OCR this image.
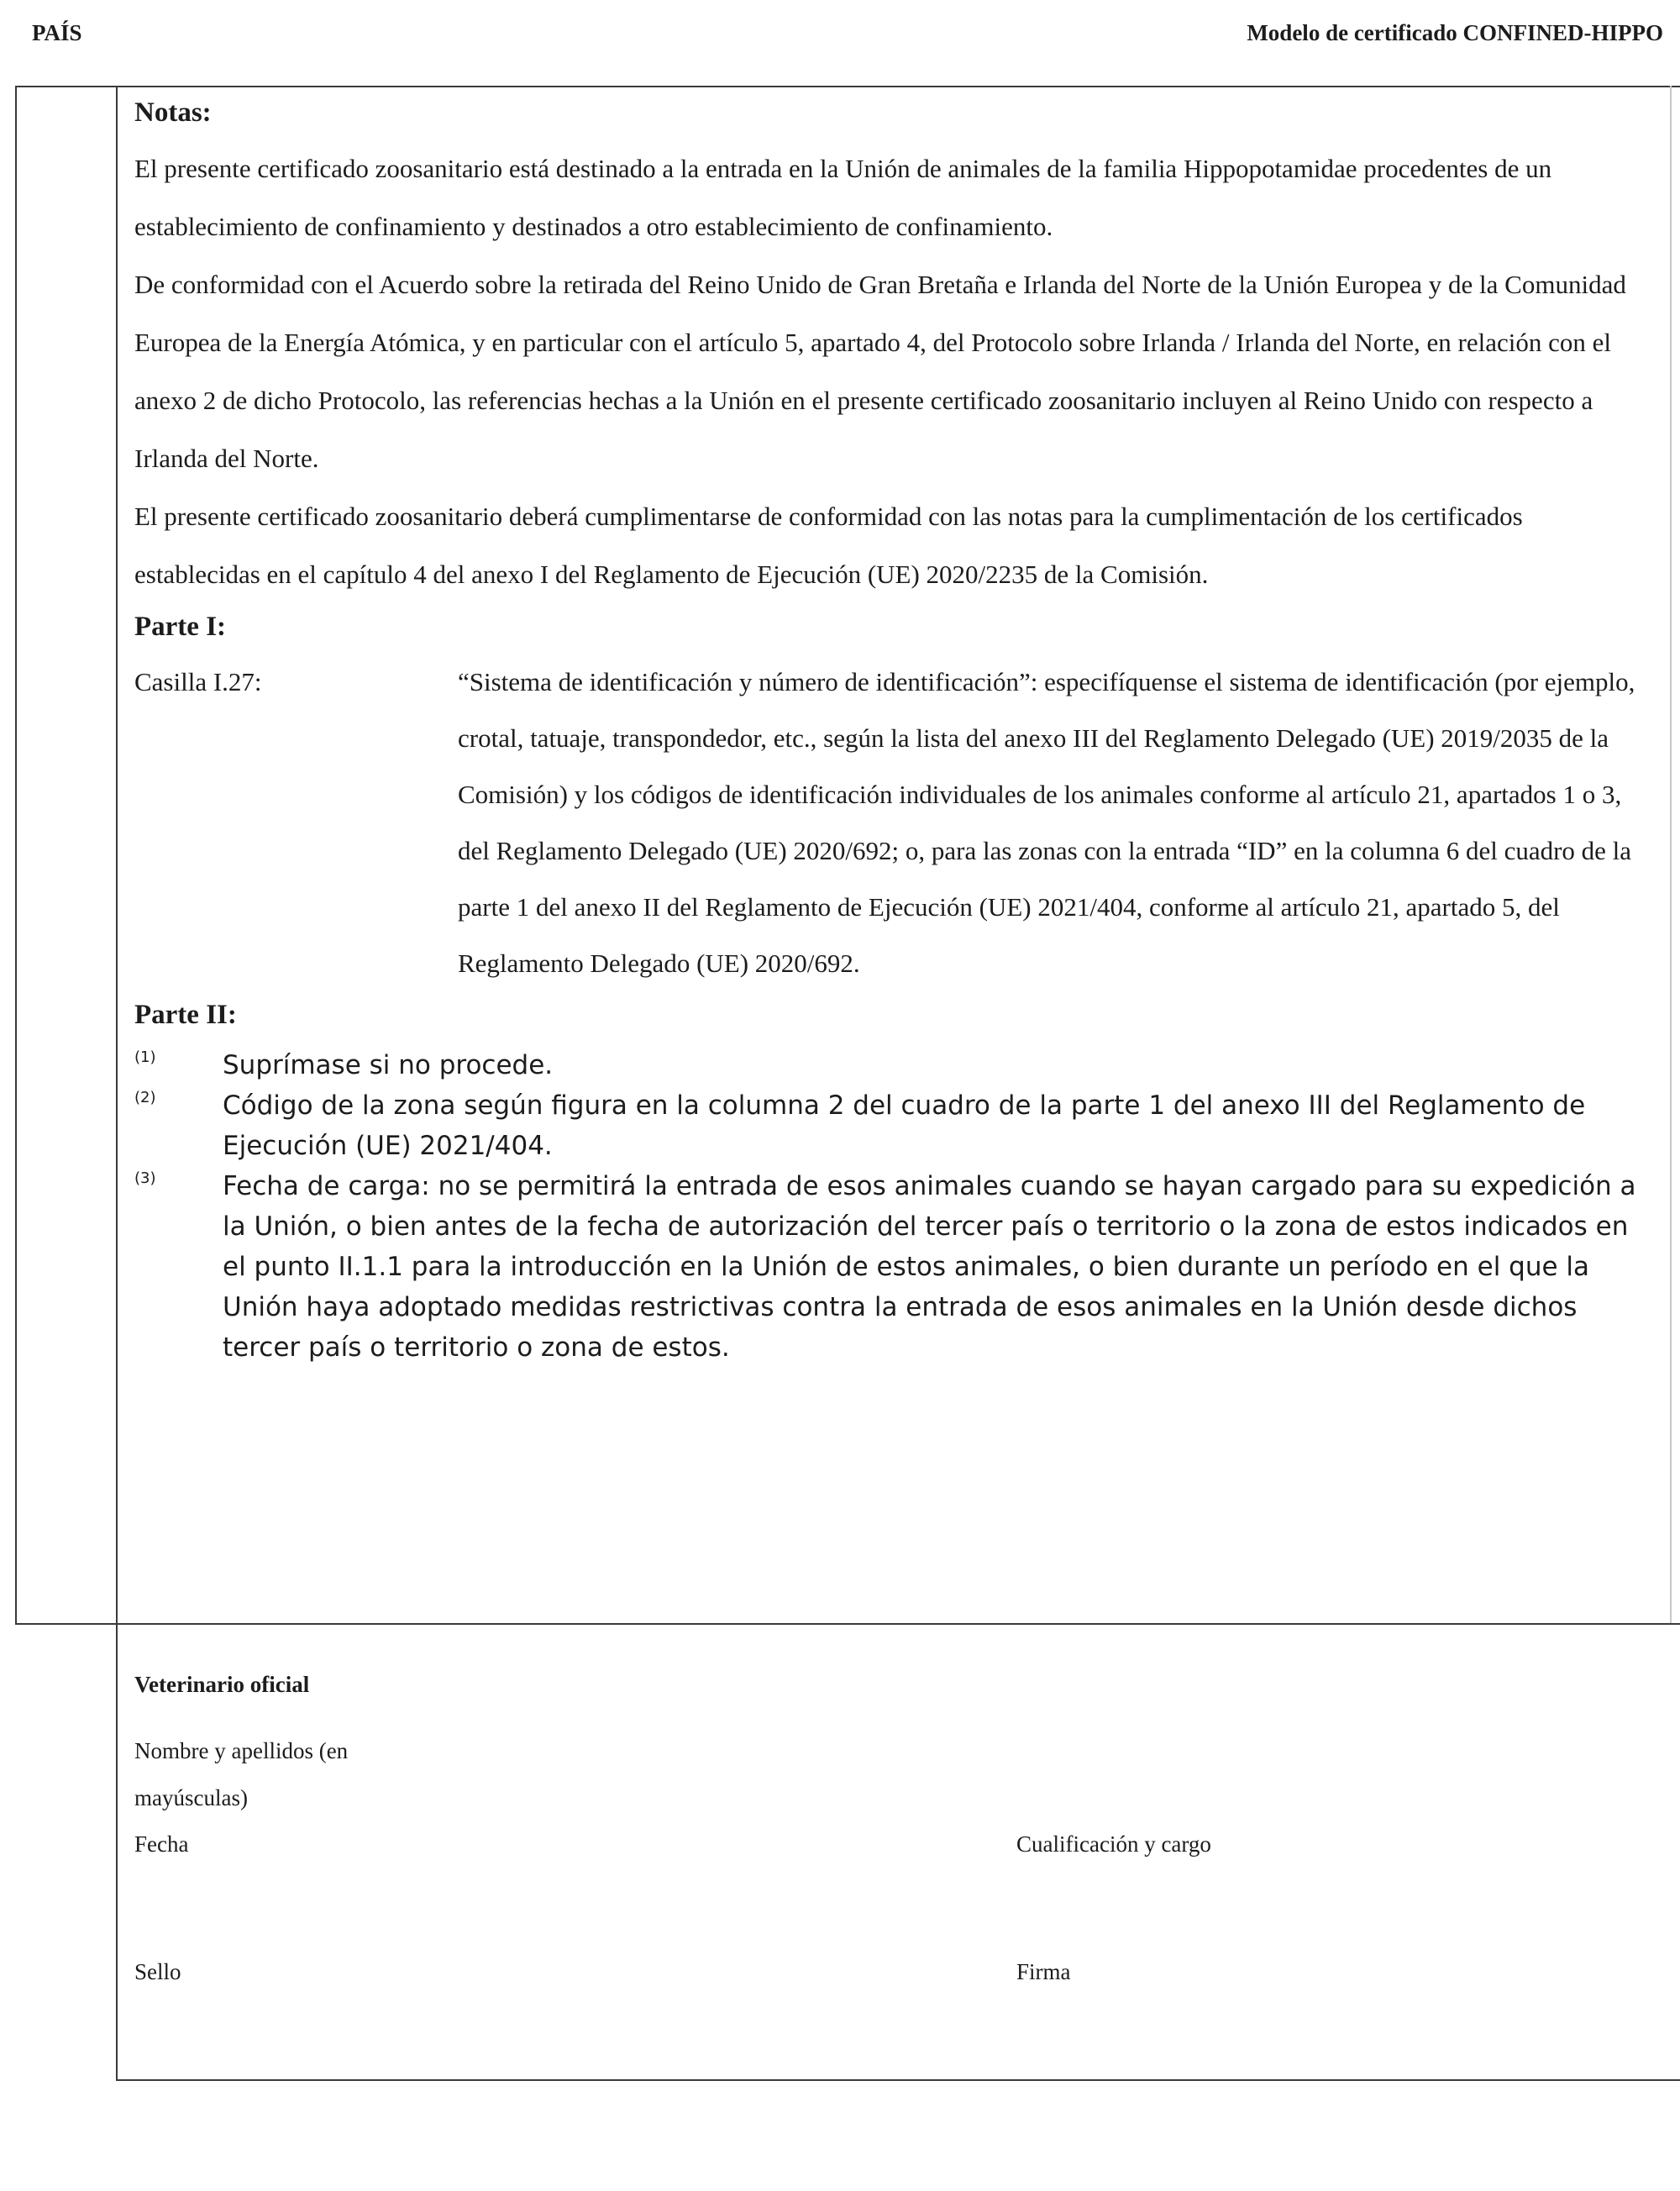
PAÍS	Modelo de certificado CONFINED-HIPPO
Notas:

El presente certificado zoosanitario está destinado a la entrada en la Unión de animales de la familia Hippopotamidae procedentes de un establecimiento de confinamiento y destinados a otro establecimiento de confinamiento.

De conformidad con el Acuerdo sobre la retirada del Reino Unido de Gran Bretaña e Irlanda del Norte de la Unión Europea y de la Comunidad Europea de la Energía Atómica, y en particular con el artículo 5, apartado 4, del Protocolo sobre Irlanda / Irlanda del Norte, en relación con el anexo 2 de dicho Protocolo, las referencias hechas a la Unión en el presente certificado zoosanitario incluyen al Reino Unido con respecto a Irlanda del Norte.

El presente certificado zoosanitario deberá cumplimentarse de conformidad con las notas para la cumplimentación de los certificados establecidas en el capítulo 4 del anexo I del Reglamento de Ejecución (UE) 2020/2235 de la Comisión.

Parte I:
Casilla I.27:	“Sistema de identificación y número de identificación”: especifíquense el sistema de identificación (por ejemplo, crotal, tatuaje, transpondedor, etc., según la lista del anexo III del Reglamento Delegado (UE) 2019/2035 de la Comisión) y los códigos de identificación individuales de los animales conforme al artículo 21, apartados 1 o 3, del Reglamento Delegado (UE) 2020/692; o, para las zonas con la entrada “ID” en la columna 6 del cuadro de la parte 1 del anexo II del Reglamento de Ejecución (UE) 2021/404, conforme al artículo 21, apartado 5, del Reglamento Delegado (UE) 2020/692.
Parte II:
(1)	Suprímase si no procede.
(2)	Código de la zona según figura en la columna 2 del cuadro de la parte 1 del anexo III del Reglamento de Ejecución (UE) 2021/404.
(3)	Fecha de carga: no se permitirá la entrada de esos animales cuando se hayan cargado para su expedición a la Unión, o bien antes de la fecha de autorización del tercer país o territorio o la zona de estos indicados en el punto II.1.1 para la introducción en la Unión de estos animales, o bien durante un período en el que la Unión haya adoptado medidas restrictivas contra la entrada de esos animales en la Unión desde dichos tercer país o territorio o zona de estos.
Veterinario oficial
Nombre y apellidos (en mayúsculas)
Fecha	Cualificación y cargo
Sello	Firma
